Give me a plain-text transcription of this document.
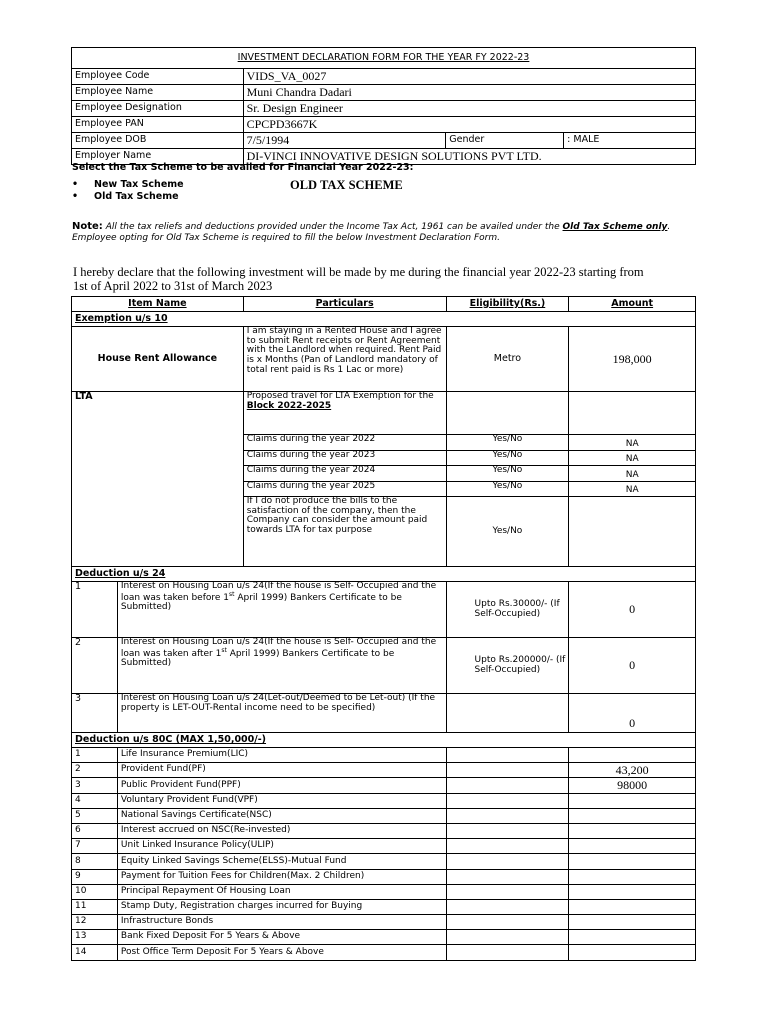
INVESTMENT DECLARATION FORM FOR THE YEAR FY 2022-23			
Employee Code	VIDS_VA_0027		
Employee Name	Muni Chandra Dadari		
Employee Designation	Sr. Design Engineer		
Employee PAN	CPCPD3667K		
Employee DOB	7/5/1994	Gender	: MALE
Employer Name	DI-VINCI INNOVATIVE DESIGN SOLUTIONS PVT LTD.		
Select the Tax Scheme to be availed for Financial Year 2022-23:
• New Tax Scheme
• Old Tax Scheme
OLD TAX SCHEME
Note: All the tax reliefs and deductions provided under the Income Tax Act, 1961 can be availed under the Old Tax Scheme only.
Employee opting for Old Tax Scheme is required to fill the below Investment Declaration Form.
I hereby declare that the following investment will be made by me during the financial year 2022-23 starting from 1st of April 2022 to 31st of March 2023
Item Name		Particulars	Eligibility(Rs.)	Amount
Exemption u/s 10				
House Rent Allowance		I am staying in a Rented House and I agree to submit Rent receipts or Rent Agreement with the Landlord when required. Rent Paid is x Months (Pan of Landlord mandatory of total rent paid is Rs 1 Lac or more)	Metro	198,000
LTA		Proposed travel for LTA Exemption for the
Block 2022-2025		
		Claims during the year 2022	Yes/No	NA
		Claims during the year 2023	Yes/No	NA
		Claims during the year 2024	Yes/No	NA
		Claims during the year 2025	Yes/No	NA
		If I do not produce the bills to the satisfaction of the company, then the Company can consider the amount paid towards LTA for tax purpose	Yes/No	
Deduction u/s 24				
1	Interest on Housing Loan u/s 24(If the house is Self- Occupied and the loan was taken before 1st April 1999) Bankers Certificate to be Submitted)		Upto Rs.30000/- (If Self-Occupied)	0
2	Interest on Housing Loan u/s 24(If the house is Self- Occupied and the loan was taken after 1st April 1999) Bankers Certificate to be Submitted)		Upto Rs.200000/- (If Self-Occupied)	0
3	Interest on Housing Loan u/s 24(Let-out/Deemed to be Let-out) (If the property is LET-OUT-Rental income need to be specified)			0
Deduction u/s 80C (MAX 1,50,000/-)				
1	Life Insurance Premium(LIC)			
2	Provident Fund(PF)			43,200
3	Public Provident Fund(PPF)			98000
4	Voluntary Provident Fund(VPF)			
5	National Savings Certificate(NSC)			
6	Interest accrued on NSC(Re-invested)			
7	Unit Linked Insurance Policy(ULIP)			
8	Equity Linked Savings Scheme(ELSS)-Mutual Fund			
9	Payment for Tuition Fees for Children(Max. 2 Children)			
10	Principal Repayment Of Housing Loan			
11	Stamp Duty, Registration charges incurred for Buying			
12	Infrastructure Bonds			
13	Bank Fixed Deposit For 5 Years & Above			
14	Post Office Term Deposit For 5 Years & Above			
